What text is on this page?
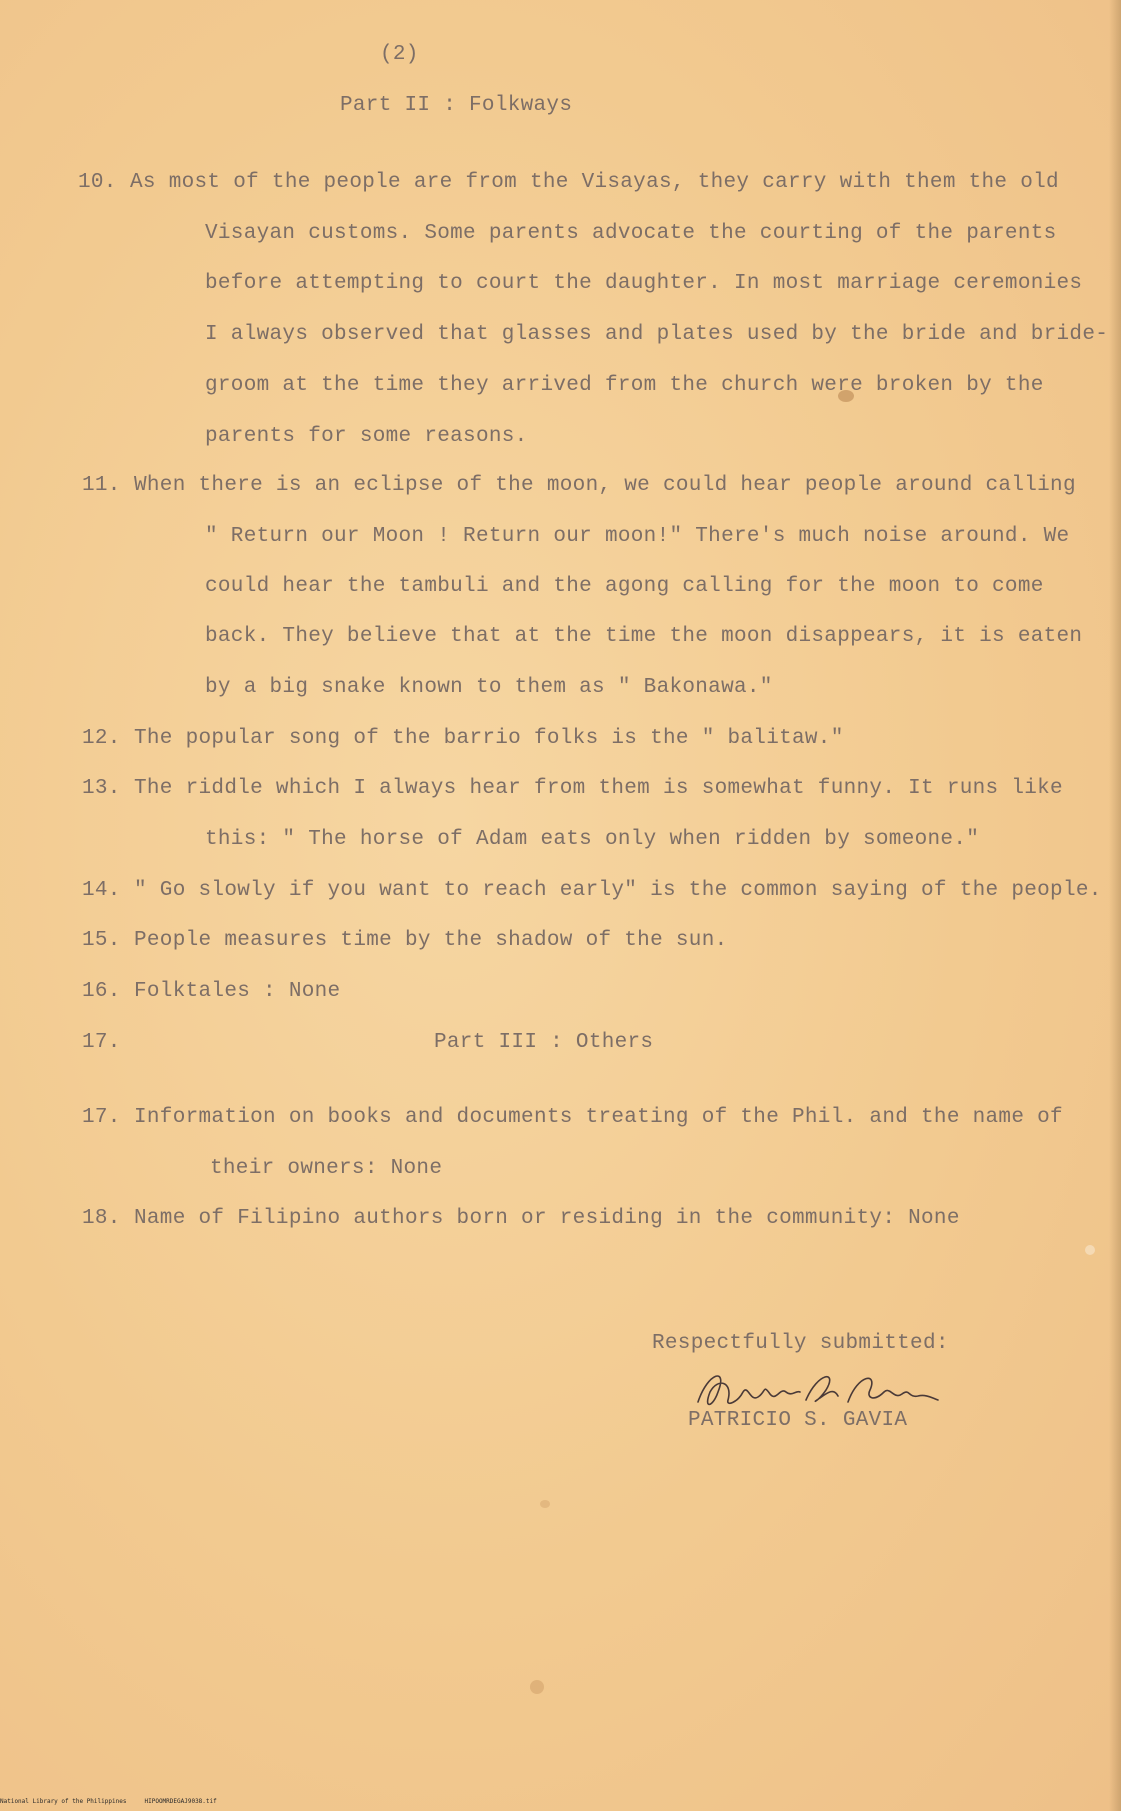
(2)
Part II : Folkways
10. As most of the people are from the Visayas, they carry with them the old
Visayan customs. Some parents advocate the courting of the parents
before attempting to court the daughter. In most marriage ceremonies
I always observed that glasses and plates used by the bride and bride-
groom at the time they arrived from the church were broken by the
parents for some reasons.
11. When there is an eclipse of the moon, we could hear people around calling
" Return our Moon ! Return our moon!" There's much noise around. We
could hear the tambuli and the agong calling for the moon to come
back. They believe that at the time the moon disappears, it is eaten
by a big snake known to them as " Bakonawa."
12. The popular song of the barrio folks is the " balitaw."
13. The riddle which I always hear from them is somewhat funny. It runs like
this: " The horse of Adam eats only when ridden by someone."
14. " Go slowly if you want to reach early" is the common saying of the people.
15. People measures time by the shadow of the sun.
16. Folktales : None
17.	Part III : Others
17. Information on books and documents treating of the Phil. and the name of
their owners: None
18. Name of Filipino authors born or residing in the community: None
Respectfully submitted:
PATRICIO S. GAVIA
National Library of the Philippines     HIPOOMRDEGAJ9038.tif
